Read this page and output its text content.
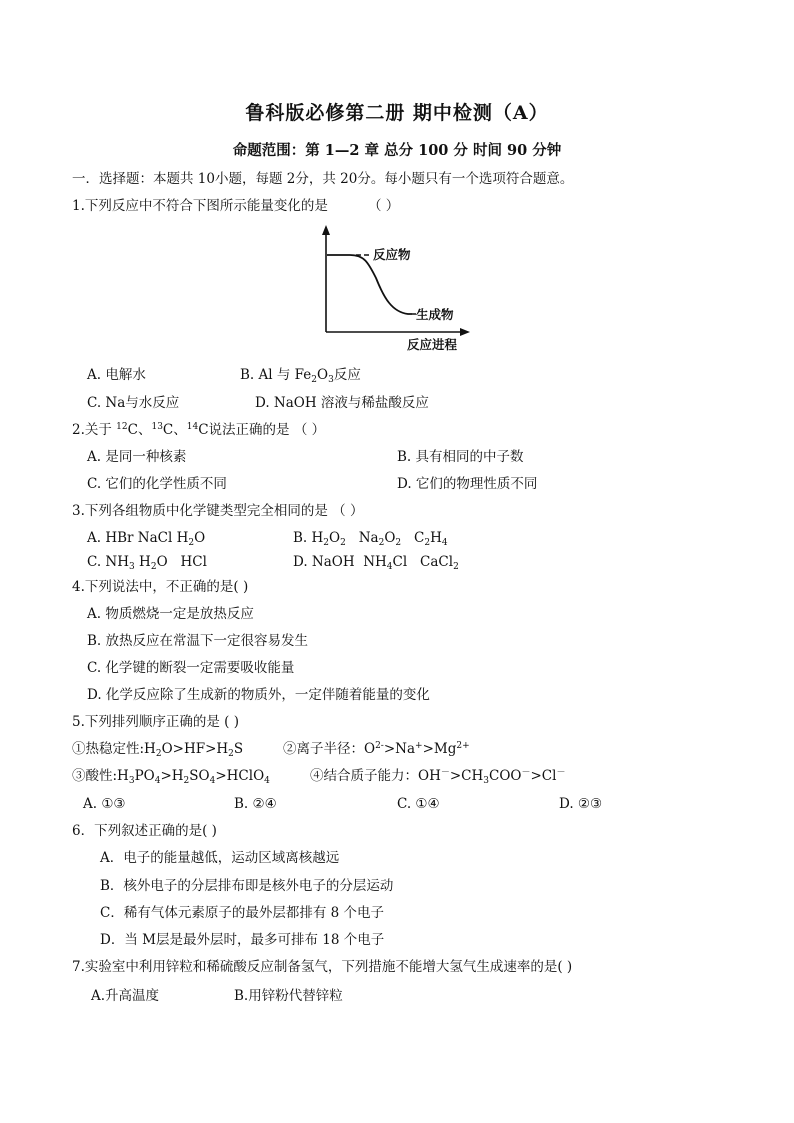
鲁科版必修第二册 期中检测（A）
命题范围：第 1—2 章 总分 100 分 时间 90 分钟
一．选择题：本题共 10小题，每题 2分，共 20分。每小题只有一个选项符合题意。
1.下列反应中不符合下图所示能量变化的是	（ ）
反应物
生成物
反应进程
A. 电解水	B. Al 与 $Fe_2O_3$反应
C. Na与水反应	D. NaOH 溶液与稀盐酸反应
2.关于 $^{12}$C、$^{13}$C、$^{14}$C说法正确的是 （ ）
A. 是同一种核素	B. 具有相同的中子数
C. 它们的化学性质不同	D. 它们的物理性质不同
3.下列各组物质中化学键类型完全相同的是 （ ）
A. HBr NaCl $H_2O$	B. $H_2O_2$   $Na_2O_2$   $C_2H_4$
C. $NH_3$ $H_2O$   HCl	D. NaOH  $NH_4Cl$   CaCl$_2$
4.下列说法中，不正确的是( )
A. 物质燃烧一定是放热反应
B. 放热反应在常温下一定很容易发生
C. 化学键的断裂一定需要吸收能量
D. 化学反应除了生成新的物质外，一定伴随着能量的变化
5.下列排列顺序正确的是 ( )
①热稳定性$:H_2O>HF>H_2S$	②离子半径：$O^{2-}>Na^+>Mg^{2+}$
③酸性$:H_3PO_4>H_2SO_4>HClO_4$	④结合质子能力：$OH^->CH_3COO^->Cl^-$
A. ①③	B. ②④	C. ①④	D. ②③
6．下列叙述正确的是( )
A．电子的能量越低，运动区域离核越远
B．核外电子的分层排布即是核外电子的分层运动
C．稀有气体元素原子的最外层都排有 8 个电子
D．当 M层是最外层时，最多可排布 18 个电子
7.实验室中利用锌粒和稀硫酸反应制备氢气，下列措施不能增大氢气生成速率的是( )
A.升高温度	B.用锌粉代替锌粒
